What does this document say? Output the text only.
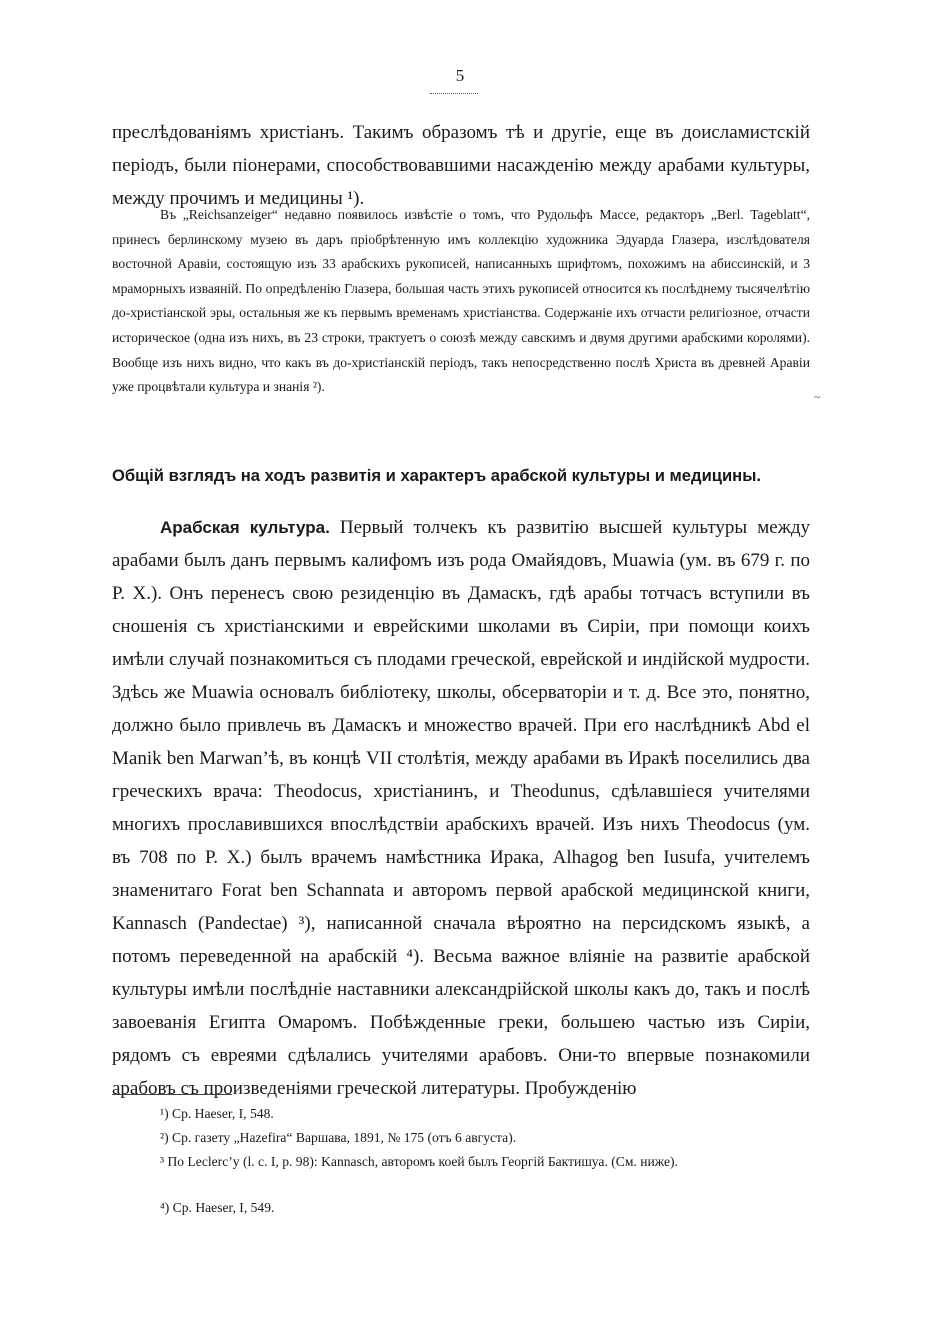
5

преслѣдованіямъ христіанъ. Такимъ образомъ тѣ и другіе, еще въ доисламистскій періодъ, были піонерами, способствовавшими насажденію между арабами культуры, между прочимъ и медицины ¹).

Въ „Reichsanzeiger“ недавно появилось извѣстіе о томъ, что Рудольфъ Массе, редакторъ „Berl. Tageblatt“, принесъ берлинскому музею въ даръ пріобрѣтенную имъ коллекцію художника Эдуарда Глазера, изслѣдователя восточной Аравіи, состоящую изъ 33 арабскихъ рукописей, написанныхъ шрифтомъ, похожимъ на абиссинскій, и 3 мраморныхъ изваяній. По опредѣленію Глазера, большая часть этихъ рукописей относится къ послѣднему тысячелѣтію до-христіанской эры, остальныя же къ первымъ временамъ христіанства. Содержаніе ихъ отчасти религіозное, отчасти историческое (одна изъ нихъ, въ 23 строки, трактуетъ о союзѣ между савскимъ и двумя другими арабскими королями). Вообще изъ нихъ видно, что какъ въ до-христіанскій періодъ, такъ непосредственно послѣ Христа въ древней Аравіи уже процвѣтали культура и знанія ²).

~
Общій взглядъ на ходъ развитія и характеръ арабской культуры и медицины.

Арабская культура. Первый толчекъ къ развитію высшей культуры между арабами былъ данъ первымъ калифомъ изъ рода Омайядовъ, Muawia (ум. въ 679 г. по Р. Х.). Онъ перенесъ свою резиденцію въ Дамаскъ, гдѣ арабы тотчасъ вступили въ сношенія съ христіанскими и еврейскими школами въ Сиріи, при помощи коихъ имѣли случай познакомиться съ плодами греческой, еврейской и индійской мудрости. Здѣсь же Muawia основалъ библіотеку, школы, обсерваторіи и т. д. Все это, понятно, должно было привлечь въ Дамаскъ и множество врачей. При его наслѣдникѣ Abd el Manik ben Marwan’ѣ, въ концѣ VII столѣтія, между арабами въ Иракѣ поселились два греческихъ врача: Theodocus, христіанинъ, и Theodunus, сдѣлавшіеся учителями многихъ прославившихся впослѣдствіи арабскихъ врачей. Изъ нихъ Theodocus (ум. въ 708 по Р. Х.) былъ врачемъ намѣстника Ирака, Alhagog ben Iusufa, учителемъ знаменитаго Forat ben Schannata и авторомъ первой арабской медицинской книги, Kannasch (Pandectae) ³), написанной сначала вѣроятно на персидскомъ языкѣ, а потомъ переведенной на арабскій ⁴). Весьма важное вліяніе на развитіе арабской культуры имѣли послѣдніе наставники александрійской школы какъ до, такъ и послѣ завоеванія Египта Омаромъ. Побѣжденные греки, большею частью изъ Сиріи, рядомъ съ евреями сдѣлались учителями арабовъ. Они-то впервые познакомили арабовъ съ произведеніями греческой литературы. Пробужденію

¹) Ср. Haeser, I, 548.

²) Ср. газету „Hazefira“ Варшава, 1891, № 175 (отъ 6 августа).

³ По Leclerc’y (l. c. I, p. 98): Kannasch, авторомъ коей былъ Георгій Бактишуа. (См. ниже).

⁴) Ср. Haeser, I, 549.
